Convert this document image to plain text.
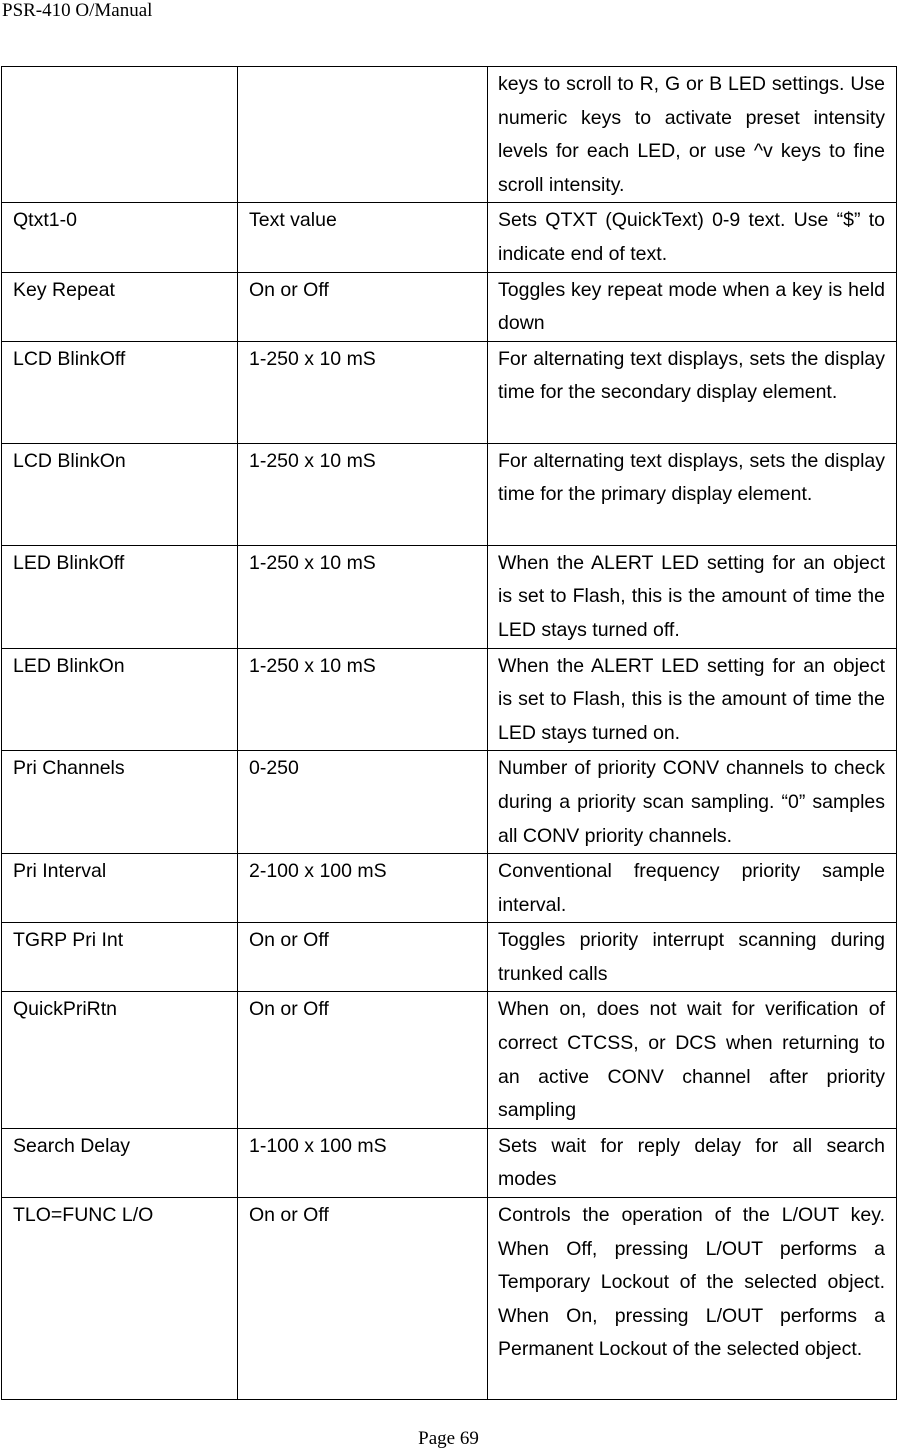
PSR-410 O/Manual
		keys to scroll to R, G or B LED settings. Use numeric keys to activate preset intensity levels for each LED, or use ^v keys to fine scroll intensity.
Qtxt1-0	Text value	Sets QTXT (QuickText) 0-9 text. Use “$” to indicate end of text.
Key Repeat	On or Off	Toggles key repeat mode when a key is held down
LCD BlinkOff	1-250 x 10 mS	For alternating text displays, sets the display time for the secondary display element.
LCD BlinkOn	1-250 x 10 mS	For alternating text displays, sets the display time for the primary display element.
LED BlinkOff	1-250 x 10 mS	When the ALERT LED setting for an object is set to Flash, this is the amount of time the LED stays turned off.
LED BlinkOn	1-250 x 10 mS	When the ALERT LED setting for an object is set to Flash, this is the amount of time the LED stays turned on.
Pri Channels	0-250	Number of priority CONV channels to check during a priority scan sampling. “0” samples all CONV priority channels.
Pri Interval	2-100 x 100 mS	Conventional frequency priority sample interval.
TGRP Pri Int	On or Off	Toggles priority interrupt scanning during trunked calls
QuickPriRtn	On or Off	When on, does not wait for verification of correct CTCSS, or DCS when returning to an active CONV channel after priority sampling
Search Delay	1-100 x 100 mS	Sets wait for reply delay for all search modes
TLO=FUNC L/O	On or Off	Controls the operation of the L/OUT key. When Off, pressing L/OUT performs a Temporary Lockout of the selected object. When On, pressing L/OUT performs a Permanent Lockout of the selected object.
Page 69
